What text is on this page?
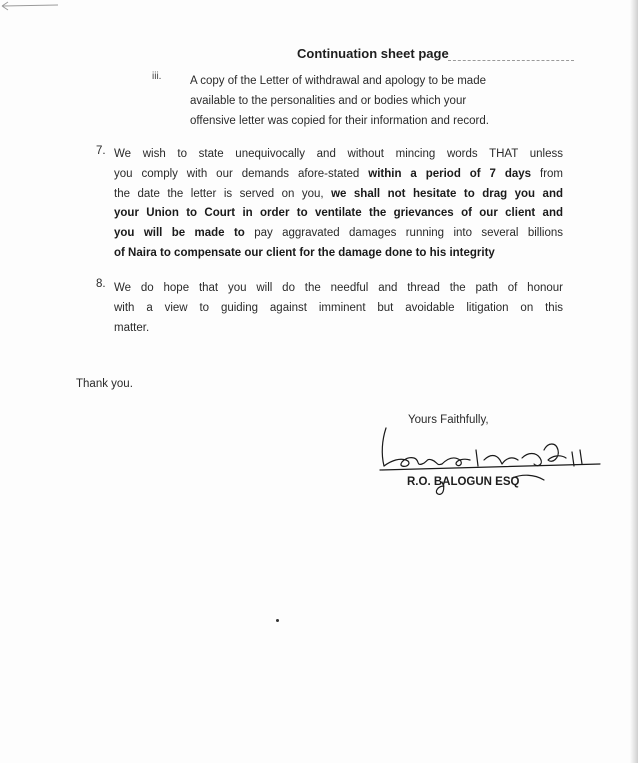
Continuation sheet page
iii. A copy of the Letter of withdrawal and apology to be made
available to the personalities and or bodies which your
offensive letter was copied for their information and record.
7. We wish to state unequivocally and without mincing words THAT unless
you comply with our demands afore-stated within a period of 7 days from
the date the letter is served on you, we shall not hesitate to drag you and
your Union to Court in order to ventilate the grievances of our client and
you will be made to pay aggravated damages running into several billions
of Naira to compensate our client for the damage done to his integrity
8. We do hope that you will do the needful and thread the path of honour
with a view to guiding against imminent but avoidable litigation on this
matter.
Thank you.
Yours Faithfully,
R.O. BALOGUN ESQ
